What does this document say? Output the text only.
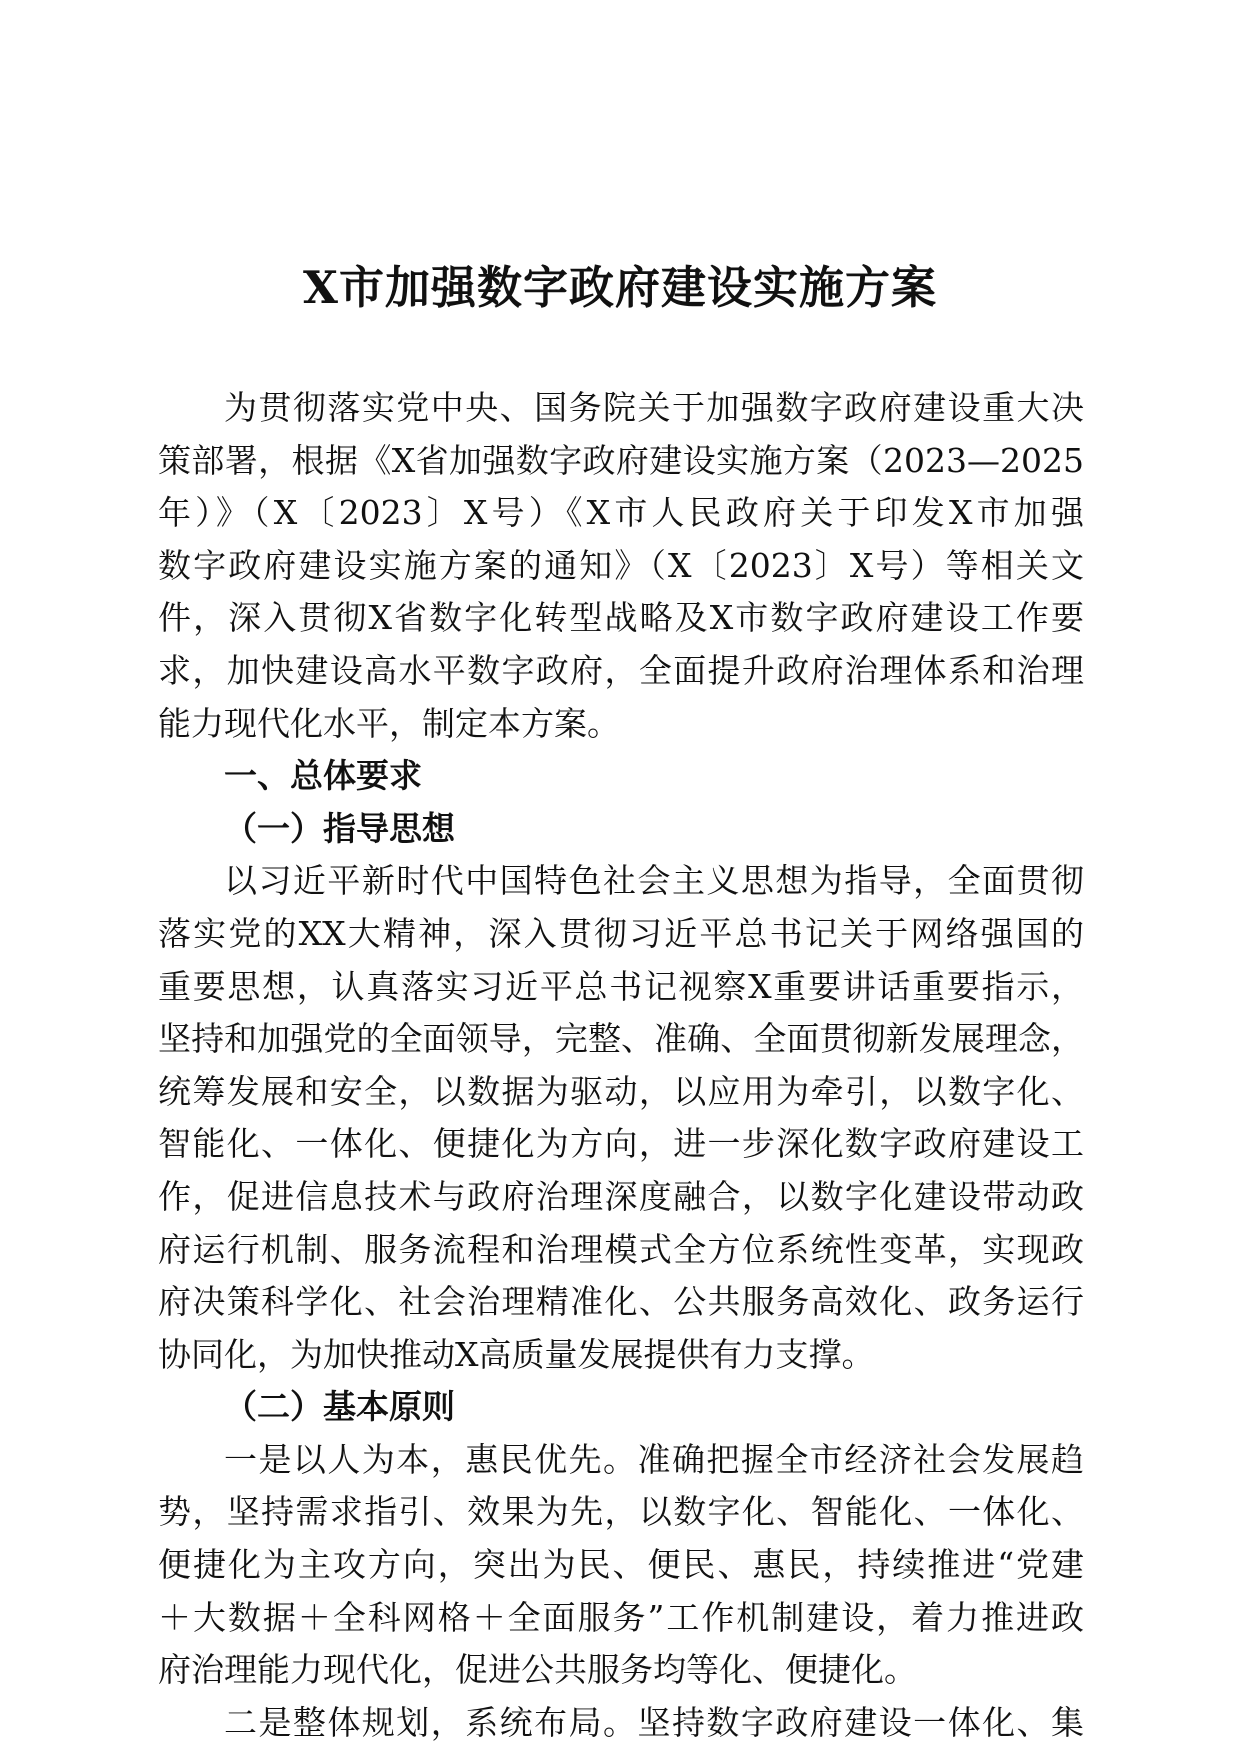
X市加强数字政府建设实施方案
为贯彻落实党中央、国务院关于加强数字政府建设重大决
策部署，根据《X省加强数字政府建设实施方案（2023—2025
年）》（X〔2023〕X号）《X市人民政府关于印发X市加强
数字政府建设实施方案的通知》（X〔2023〕X号）等相关文
件，深入贯彻X省数字化转型战略及X市数字政府建设工作要
求，加快建设高水平数字政府，全面提升政府治理体系和治理
能力现代化水平，制定本方案。
一、总体要求
（一）指导思想
以习近平新时代中国特色社会主义思想为指导，全面贯彻
落实党的XX大精神，深入贯彻习近平总书记关于网络强国的
重要思想，认真落实习近平总书记视察X重要讲话重要指示，
坚持和加强党的全面领导，完整、准确、全面贯彻新发展理念，
统筹发展和安全，以数据为驱动，以应用为牵引，以数字化、
智能化、一体化、便捷化为方向，进一步深化数字政府建设工
作，促进信息技术与政府治理深度融合，以数字化建设带动政
府运行机制、服务流程和治理模式全方位系统性变革，实现政
府决策科学化、社会治理精准化、公共服务高效化、政务运行
协同化，为加快推动X高质量发展提供有力支撑。
（二）基本原则
一是以人为本，惠民优先。准确把握全市经济社会发展趋
势，坚持需求指引、效果为先，以数字化、智能化、一体化、
便捷化为主攻方向，突出为民、便民、惠民，持续推进“党建
＋大数据＋全科网格＋全面服务”工作机制建设，着力推进政
府治理能力现代化，促进公共服务均等化、便捷化。
二是整体规划，系统布局。坚持数字政府建设一体化、集
